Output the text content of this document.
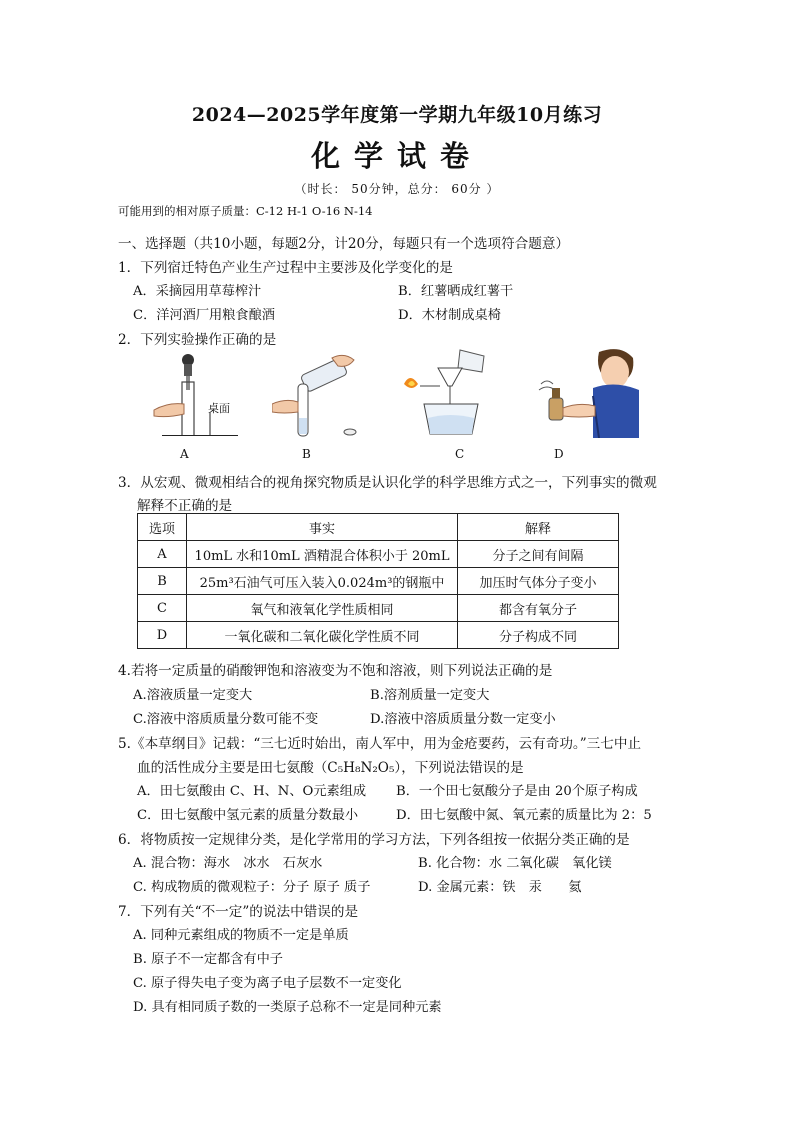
2024—2025学年度第一学期九年级10月练习
化学试卷
（时长： 50分钟，总分： 60分 ）
可能用到的相对原子质量：C-12 H-1 O-16 N-14
一、选择题（共10小题，每题2分，计20分，每题只有一个选项符合题意）
1．下列宿迁特色产业生产过程中主要涉及化学变化的是
A．采摘园用草莓榨汁	B．红薯晒成红薯干
C．洋河酒厂用粮食酿酒	D．木材制成桌椅
2．下列实验操作正确的是
桌面
A	B	C	D
3．从宏观、微观相结合的视角探究物质是认识化学的科学思维方式之一，下列事实的微观
解释不正确的是
选项	事实	解释
A	10mL 水和10mL 酒精混合体积小于 20mL	分子之间有间隔
B	25m³石油气可压入装入0.024m³的钢瓶中	加压时气体分子变小
C	氧气和液氧化学性质相同	都含有氧分子
D	一氧化碳和二氧化碳化学性质不同	分子构成不同
4.若将一定质量的硝酸钾饱和溶液变为不饱和溶液，则下列说法正确的是
A.溶液质量一定变大	B.溶剂质量一定变大
C.溶液中溶质质量分数可能不变	D.溶液中溶质质量分数一定变小
5.《本草纲目》记载：“三七近时始出，南人军中，用为金疮要药，云有奇功。”三七中止
血的活性成分主要是田七氨酸（C₅H₈N₂O₅），下列说法错误的是
A．田七氨酸由 C、H、N、O元素组成 B．一个田七氨酸分子是由 20个原子构成
C．田七氨酸中氢元素的质量分数最小	D．田七氨酸中氮、氧元素的质量比为 2：5
6．将物质按一定规律分类，是化学常用的学习方法，下列各组按一依据分类正确的是
A. 混合物：海水　冰水　石灰水	B. 化合物：水 二氧化碳　氧化镁
C. 构成物质的微观粒子：分子 原子 质子	D. 金属元素：铁　汞　　氦
7．下列有关“不一定”的说法中错误的是
A. 同种元素组成的物质不一定是单质
B. 原子不一定都含有中子
C. 原子得失电子变为离子电子层数不一定变化
D. 具有相同质子数的一类原子总称不一定是同种元素
